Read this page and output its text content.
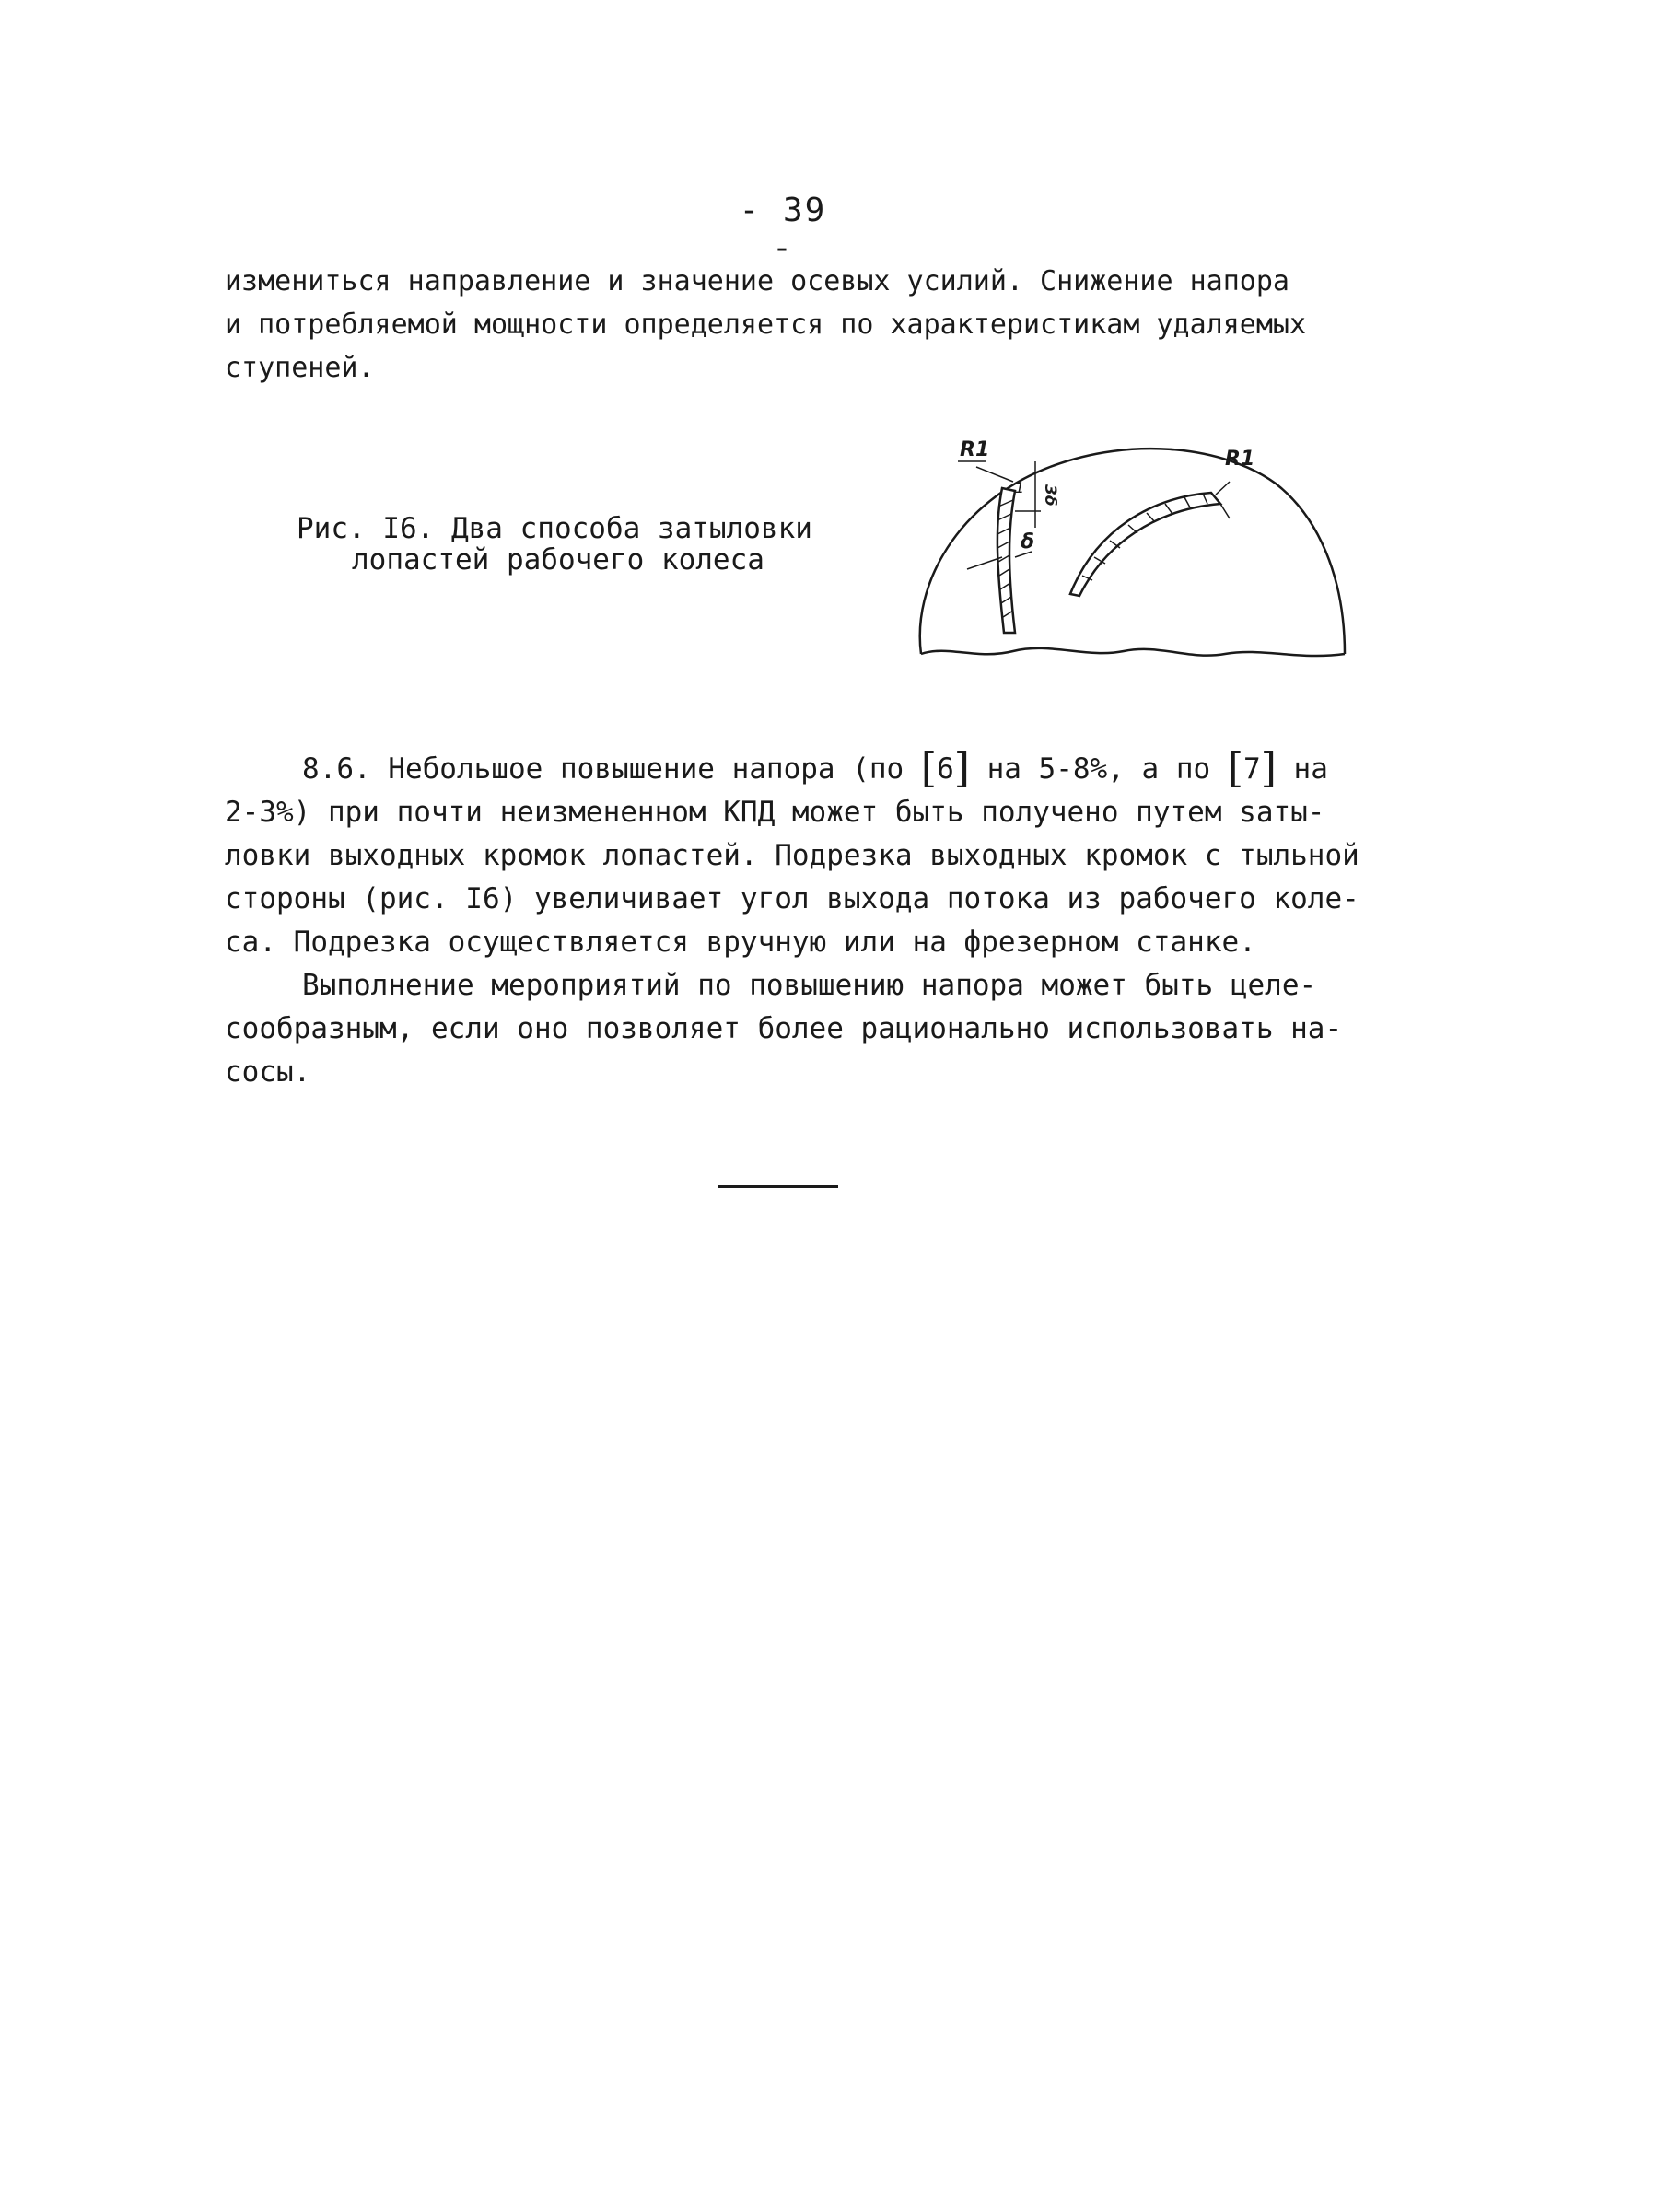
- 39 -
измениться направление и значение осевых усилий. Снижение напора
и потребляемой мощности определяется по характеристикам удаляемых
ступеней.
Рис. I6. Два способа затыловки
лопастей рабочего колеса
R1	R1
1 3δ
δ
8.6. Небольшое повышение напора (по [6] на 5-8%, а по [7] на
2-3%) при почти неизмененном КПД может быть получено путем saты-
ловки выходных кромок лопастей. Подрезка выходных кромок с тыльной
стороны (рис. I6) увеличивает угол выхода потока из рабочего коле-
са. Подрезка осуществляется вручную или на фрезерном станке.
Выполнение мероприятий по повышению напора может быть целе-
сообразным, если оно позволяет более рационально использовать на-
сосы.
